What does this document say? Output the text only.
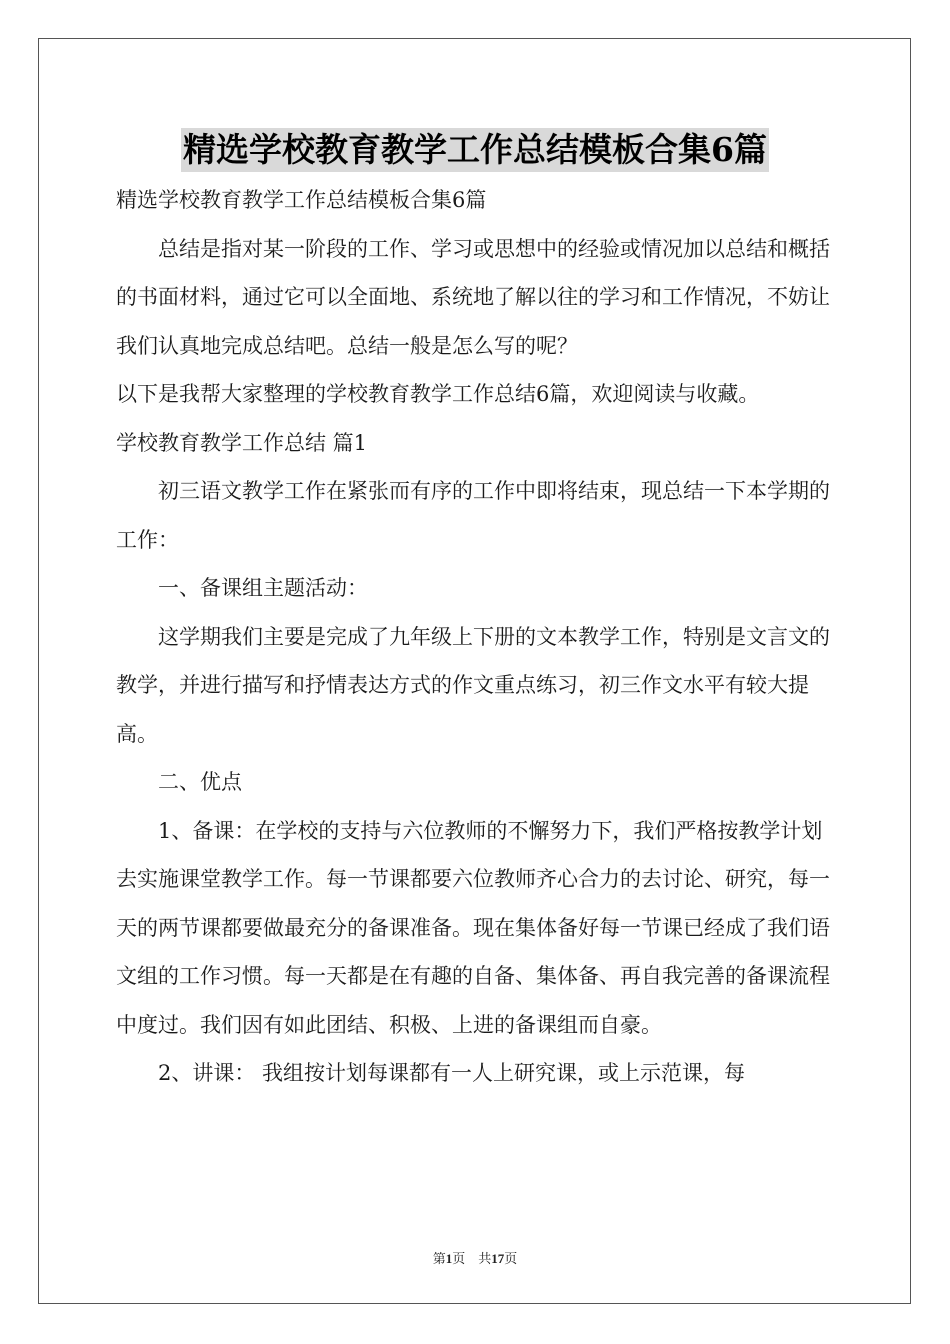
精选学校教育教学工作总结模板合集6篇

精选学校教育教学工作总结模板合集6篇

总结是指对某一阶段的工作、学习或思想中的经验或情况加以总结和概括的书面材料，通过它可以全面地、系统地了解以往的学习和工作情况，不妨让我们认真地完成总结吧。总结一般是怎么写的呢？

以下是我帮大家整理的学校教育教学工作总结6篇，欢迎阅读与收藏。

学校教育教学工作总结 篇1

初三语文教学工作在紧张而有序的工作中即将结束，现总结一下本学期的工作：

一、备课组主题活动：

这学期我们主要是完成了九年级上下册的文本教学工作，特别是文言文的教学，并进行描写和抒情表达方式的作文重点练习，初三作文水平有较大提高。

二、优点

1、备课：在学校的支持与六位教师的不懈努力下，我们严格按教学计划去实施课堂教学工作。每一节课都要六位教师齐心合力的去讨论、研究，每一天的两节课都要做最充分的备课准备。现在集体备好每一节课已经成了我们语文组的工作习惯。每一天都是在有趣的自备、集体备、再自我完善的备课流程中度过。我们因有如此团结、积极、上进的备课组而自豪。

2、讲课： 我组按计划每课都有一人上研究课，或上示范课，每

第1页　共17页
